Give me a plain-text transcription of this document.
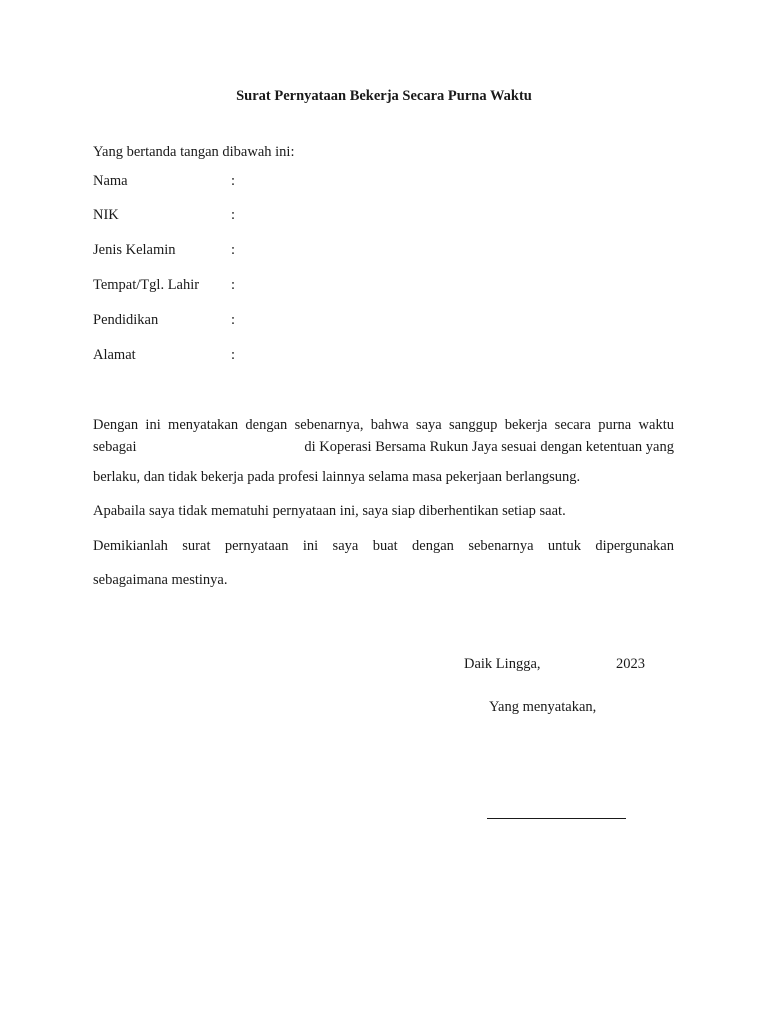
Surat Pernyataan Bekerja Secara Purna Waktu
Yang bertanda tangan dibawah ini:
Nama	:
NIK	:
Jenis Kelamin	:
Tempat/Tgl. Lahir :
Pendidikan	:
Alamat	:
Dengan ini menyatakan dengan sebenarnya, bahwa saya sanggup bekerja secara purna waktu
sebagai	di Koperasi Bersama Rukun Jaya sesuai dengan ketentuan yang
berlaku, dan tidak bekerja pada profesi lainnya selama masa pekerjaan berlangsung.
Apabaila saya tidak mematuhi pernyataan ini, saya siap diberhentikan setiap saat.
Demikianlah surat pernyataan ini saya buat dengan sebenarnya untuk dipergunakan
sebagaimana mestinya.
Daik Lingga,	2023
Yang menyatakan,
